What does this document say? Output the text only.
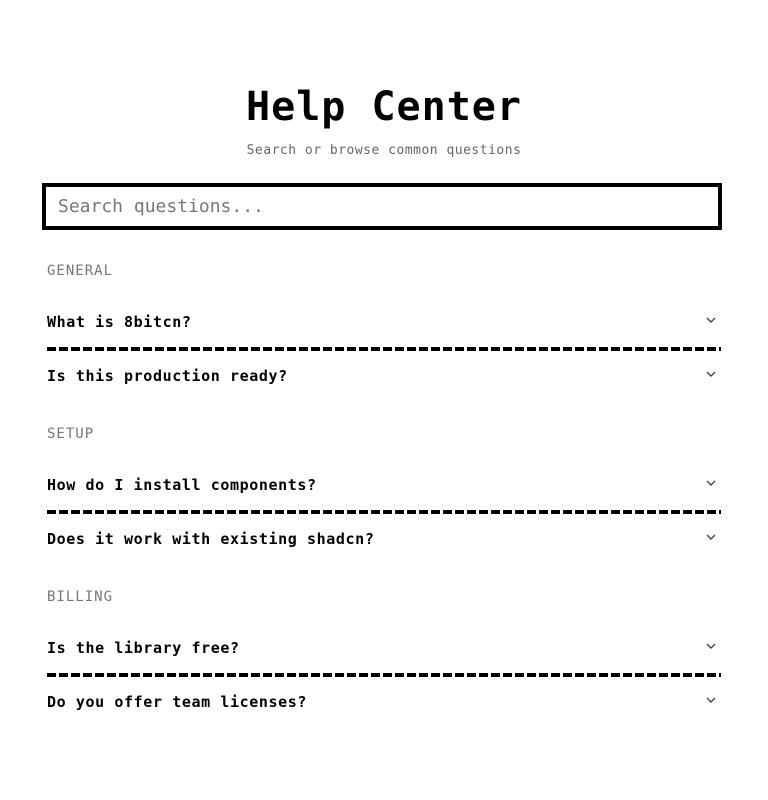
Help Center
Search or browse common questions
Search questions...
GENERAL
What is 8bitcn?
Is this production ready?
SETUP
How do I install components?
Does it work with existing shadcn?
BILLING
Is the library free?
Do you offer team licenses?
